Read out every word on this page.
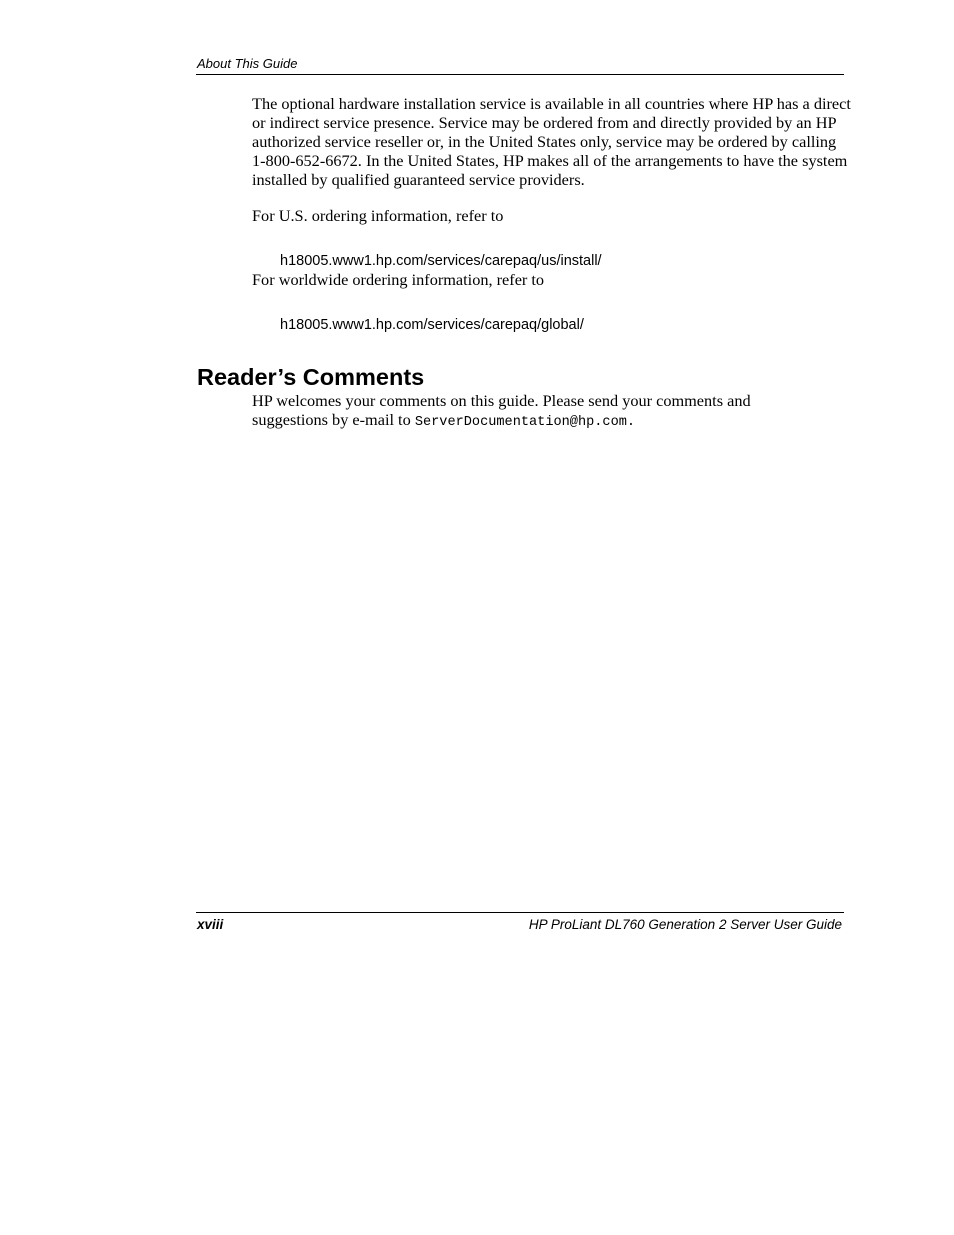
About This Guide

The optional hardware installation service is available in all countries where HP has a direct or indirect service presence. Service may be ordered from and directly provided by an HP authorized service reseller or, in the United States only, service may be ordered by calling 1-800-652-6672. In the United States, HP makes all of the arrangements to have the system installed by qualified guaranteed service providers.

For U.S. ordering information, refer to

h18005.www1.hp.com/services/carepaq/us/install/

For worldwide ordering information, refer to

h18005.www1.hp.com/services/carepaq/global/
Reader’s Comments

HP welcomes your comments on this guide. Please send your comments and suggestions by e-mail to ServerDocumentation@hp.com.

xviii	HP ProLiant DL760 Generation 2 Server User Guide
